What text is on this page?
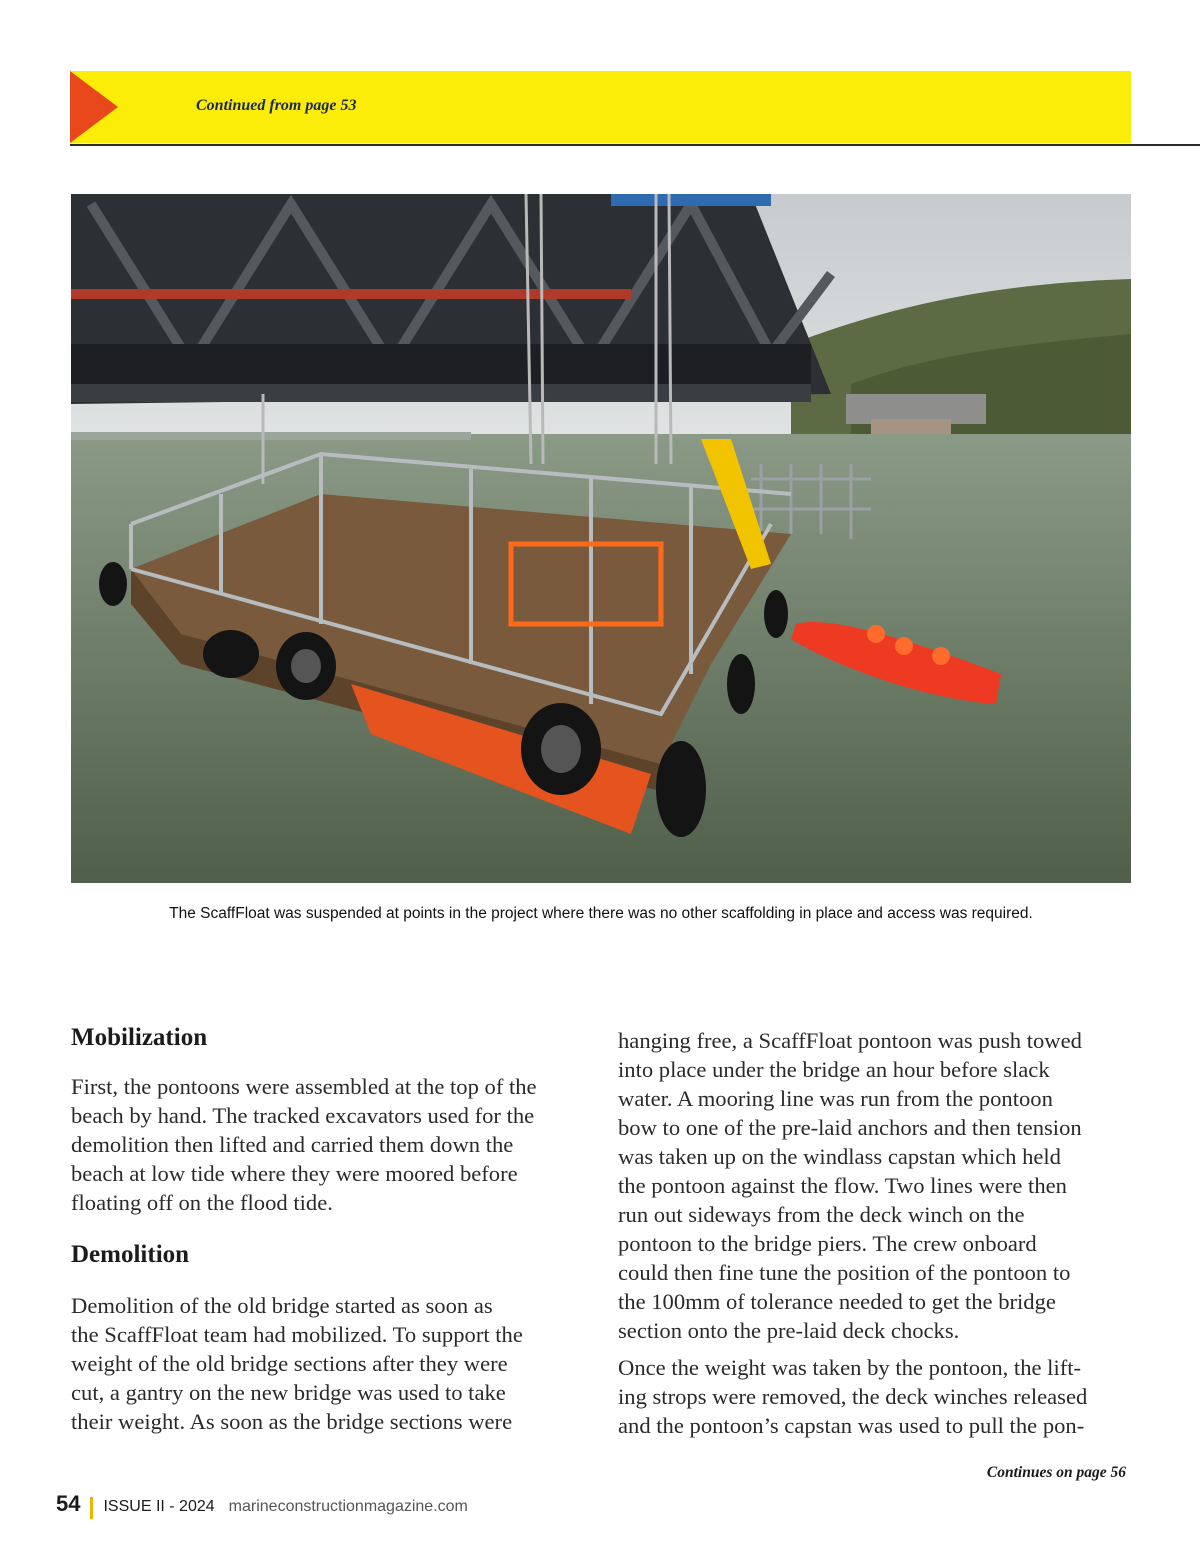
Continued from page 53
The ScaffFloat was suspended at points in the project where there was no other scaffolding in place and access was required.
Mobilization

First, the pontoons were assembled at the top of the
beach by hand. The tracked excavators used for the
demolition then lifted and carried them down the
beach at low tide where they were moored before
floating off on the flood tide.

Demolition

Demolition of the old bridge started as soon as
the ScaffFloat team had mobilized. To support the
weight of the old bridge sections after they were
cut, a gantry on the new bridge was used to take
their weight. As soon as the bridge sections were

hanging free, a ScaffFloat pontoon was push towed
into place under the bridge an hour before slack
water. A mooring line was run from the pontoon
bow to one of the pre-laid anchors and then tension
was taken up on the windlass capstan which held
the pontoon against the flow. Two lines were then
run out sideways from the deck winch on the
pontoon to the bridge piers. The crew onboard
could then fine tune the position of the pontoon to
the 100mm of tolerance needed to get the bridge
section onto the pre-laid deck chocks.

Once the weight was taken by the pontoon, the lift-
ing strops were removed, the deck winches released
and the pontoon’s capstan was used to pull the pon-

Continues on page 56
54 ISSUE II - 2024 marineconstructionmagazine.com
